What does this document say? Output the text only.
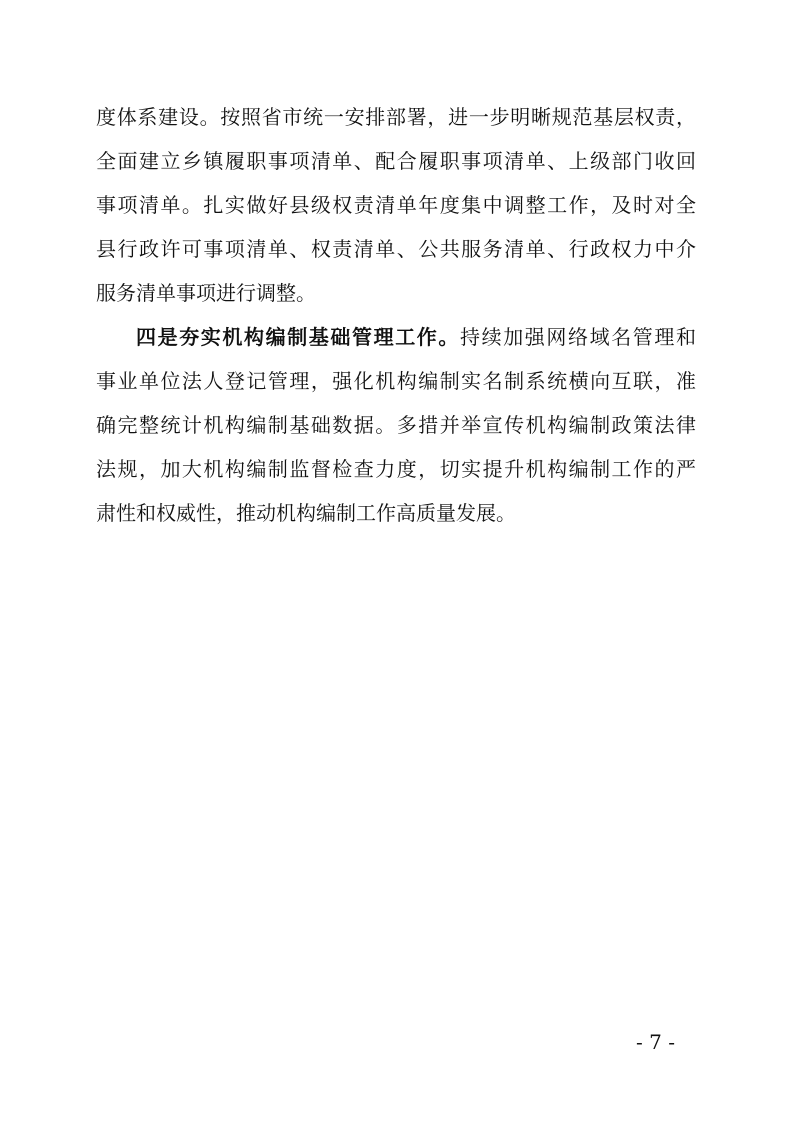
度体系建设。按照省市统一安排部署，进一步明晰规范基层权责，
全面建立乡镇履职事项清单、配合履职事项清单、上级部门收回
事项清单。扎实做好县级权责清单年度集中调整工作，及时对全
县行政许可事项清单、权责清单、公共服务清单、行政权力中介
服务清单事项进行调整。
四是夯实机构编制基础管理工作。持续加强网络域名管理和
事业单位法人登记管理，强化机构编制实名制系统横向互联，准
确完整统计机构编制基础数据。多措并举宣传机构编制政策法律
法规，加大机构编制监督检查力度，切实提升机构编制工作的严
肃性和权威性，推动机构编制工作高质量发展。
- 7 -
